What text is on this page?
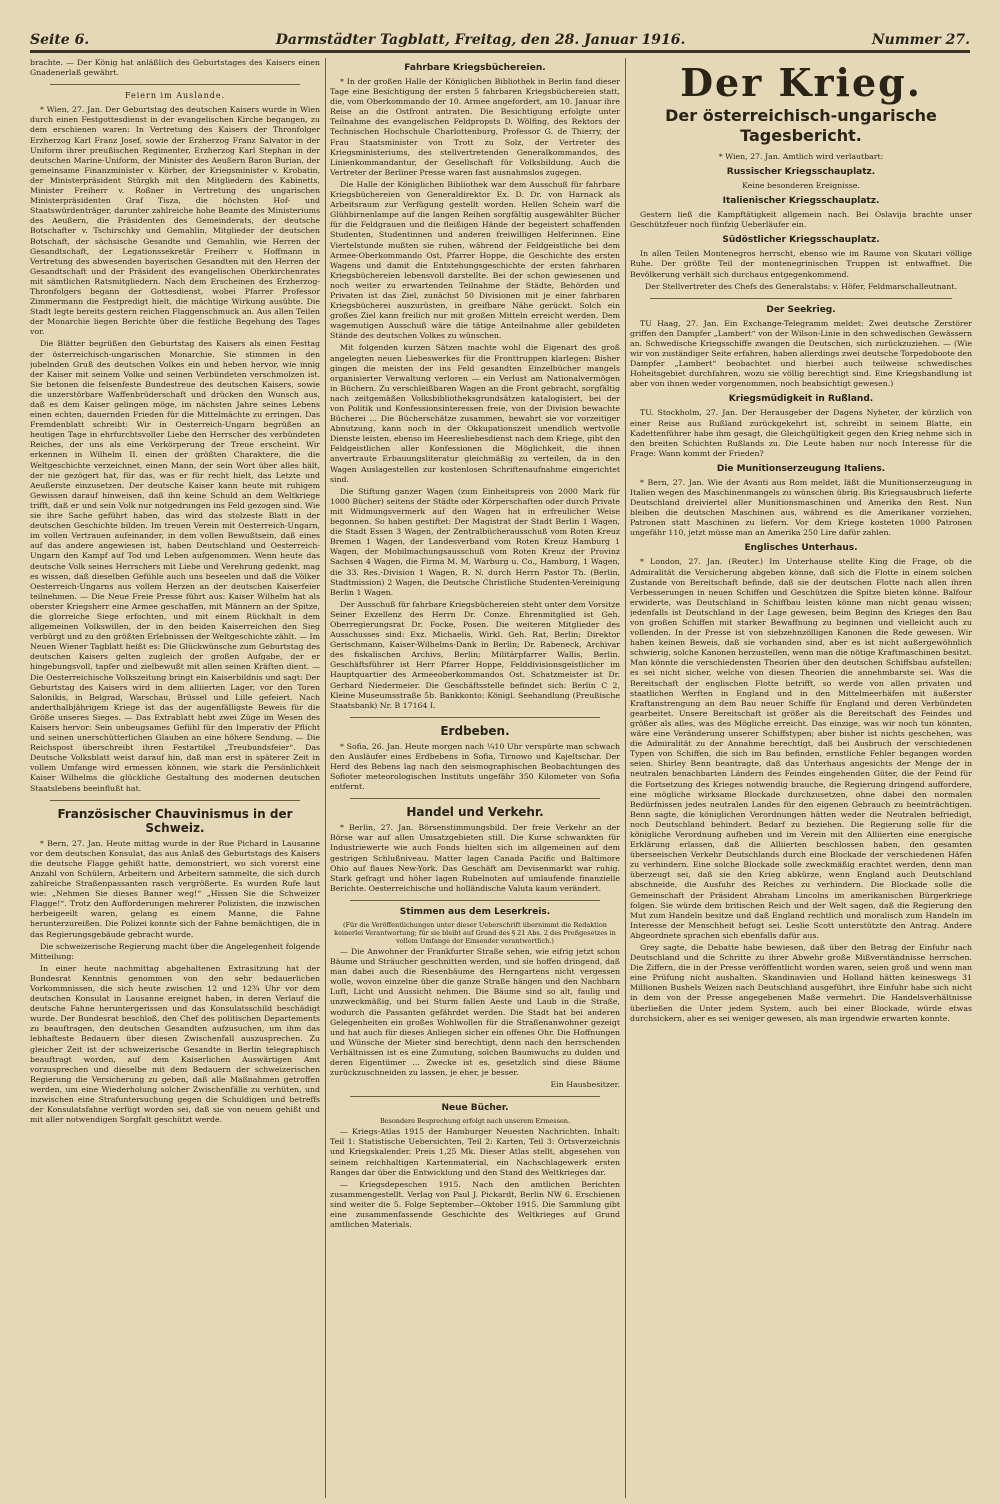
Seite 6.	Darmstädter Tagblatt, Freitag, den 28. Januar 1916.	Nummer 27.

brachte. — Der König hat anläßlich des Geburtstages des Kaisers einen Gnadenerlaß gewährt.

Feiern im Auslande.

* Wien, 27. Jan. Der Geburtstag des deutschen Kaisers wurde in Wien durch einen Festgottesdienst in der evangelischen Kirche begangen, zu dem erschienen waren: In Vertretung des Kaisers der Thronfolger Erzherzog Karl Franz Josef, sowie der Erzherzog Franz Salvator in der Uniform ihrer preußischen Regimenter, Erzherzog Karl Stephan in der deutschen Marine-Uniform, der Minister des Aeußern Baron Burian, der gemeinsame Finanzminister v. Körber, der Kriegsminister v. Krobatin, der Ministerpräsident Stürgkh mit den Mitgliedern des Kabinetts, Minister Freiherr v. Roßner in Vertretung des ungarischen Ministerpräsidenten Graf Tisza, die höchsten Hof- und Staatswürdenträger, darunter zahlreiche hohe Beamte des Ministeriums des Aeußern, die Präsidenten des Gemeinderats, der deutsche Botschafter v. Tschirschky und Gemahlin, Mitglieder der deutschen Botschaft, der sächsische Gesandte und Gemahlin, wie Herren der Gesandtschaft, der Legationssekretär Freiherr v. Hoffmann in Vertretung des abwesenden bayerischen Gesandten mit den Herren der Gesandtschaft und der Präsident des evangelischen Oberkirchenrates mit sämtlichen Ratsmitgliedern. Nach dem Erscheinen des Erzherzog-Thronfolgers begann der Gottesdienst, wobei Pfarrer Professor Zimmermann die Festpredigt hielt, die mächtige Wirkung ausübte. Die Stadt legte bereits gestern reichen Flaggenschmuck an. Aus allen Teilen der Monarchie liegen Berichte über die festliche Begehung des Tages vor.

Die Blätter begrüßen den Geburtstag des Kaisers als einen Festtag der österreichisch-ungarischen Monarchie. Sie stimmen in den jubelnden Gruß des deutschen Volkes ein und heben hervor, wie innig der Kaiser mit seinem Volke und seinen Verbündeten verschmolzen ist. Sie betonen die felsenfeste Bundestreue des deutschen Kaisers, sowie die unzerstörbare Waffenbrüderschaft und drücken den Wunsch aus, daß es dem Kaiser gelingen möge, im nächsten Jahre seines Lebens einen echten, dauernden Frieden für die Mittelmächte zu erringen. Das Fremdenblatt schreibt: Wir in Oesterreich-Ungarn begrüßen an heutigen Tage in ehrfurchtsvoller Liebe den Herrscher des verbündeten Reiches, der uns als eine Verkörperung der Treue erscheint. Wir erkennen in Wilhelm II. einen der größten Charaktere, die die Weltgeschichte verzeichnet, einen Mann, der sein Wort über alles hält, der nie gezögert hat, für das, was er für recht hielt, das Letzte und Aeußerste einzusetzen. Der deutsche Kaiser kann heute mit ruhigem Gewissen darauf hinweisen, daß ihn keine Schuld an dem Weltkriege trifft, daß er und sein Volk nur notgedrungen ins Feld gezogen sind. Wie sie ihre Sache geführt haben, das wird das stolzeste Blatt in der deutschen Geschichte bilden. Im treuen Verein mit Oesterreich-Ungarn, im vollen Vertrauen aufeinander, in dem vollen Bewußtsein, daß eines auf das andere angewiesen ist, haben Deutschland und Oesterreich-Ungarn den Kampf auf Tod und Leben aufgenommen. Wenn heute das deutsche Volk seines Herrschers mit Liebe und Verehrung gedenkt, mag es wissen, daß dieselben Gefühle auch uns beseelen und daß die Völker Oesterreich-Ungarns aus vollem Herzen an der deutschen Kaiserfeier teilnehmen. — Die Neue Freie Presse führt aus: Kaiser Wilhelm hat als oberster Kriegsherr eine Armee geschaffen, mit Männern an der Spitze, die glorreiche Siege erfochten, und mit einem Rückhalt in dem allgemeinen Volkswillen, der in den beiden Kaiserreichen den Sieg verbürgt und zu den größten Erlebnissen der Weltgeschichte zählt. — Im Neuen Wiener Tagblatt heißt es: Die Glückwünsche zum Geburtstag des deutschen Kaisers gelten zugleich der großen Aufgabe, der er hingebungsvoll, tapfer und zielbewußt mit allen seinen Kräften dient. — Die Oesterreichische Volkszeitung bringt ein Kaiserbildnis und sagt: Der Geburtstag des Kaisers wird in dem alliierten Lager, vor den Toren Salonikis, in Belgrad, Warschau, Brüssel und Lille gefeiert. Nach anderthalbjährigem Kriege ist das der augenfälligste Beweis für die Größe unseres Sieges. — Das Extrablatt hebt zwei Züge im Wesen des Kaisers hervor: Sein unbeugsames Gefühl für den Imperativ der Pflicht und seinen unerschütterlichen Glauben an eine höhere Sendung. — Die Reichspost überschreibt ihren Festartikel „Treubundsfeier“. Das Deutsche Volksblatt weist darauf hin, daß man erst in späterer Zeit in vollem Umfange wird ermessen können, wie stark die Persönlichkeit Kaiser Wilhelms die glückliche Gestaltung des modernen deutschen Staatslebens beeinflußt hat.

Französischer Chauvinismus in der Schweiz.

* Bern, 27. Jan. Heute mittag wurde in der Rue Pichard in Lausanne vor dem deutschen Konsulat, das aus Anlaß des Geburtstags des Kaisers die deutsche Flagge gehißt hatte, demonstriert, wo sich vorerst eine Anzahl von Schülern, Arbeitern und Arbeitern sammelte, die sich durch zahlreiche Straßenpassanten rasch vergrößerte. Es wurden Rufe laut wie: „Nehmen Sie dieses Banner weg!“ „Hissen Sie die Schweizer Flagge!“. Trotz den Aufforderungen mehrerer Polizisten, die inzwischen herbeigeeilt waren, gelang es einem Manne, die Fahne herunterzureißen. Die Polizei konnte sich der Fahne bemächtigen, die in das Regierungsgebäude gebracht wurde.

Die schweizerische Regierung macht über die Angelegenheit folgende Mitteilung:

In einer heute nachmittag abgehaltenen Extrasitzung hat der Bundesrat Kenntnis genommen von den sehr bedauerlichen Vorkommnissen, die sich heute zwischen 12 und 12¾ Uhr vor dem deutschen Konsulat in Lausanne ereignet haben, in deren Verlauf die deutsche Fahne heruntergerissen und das Konsulatsschild beschädigt wurde. Der Bundesrat beschloß, den Chef des politischen Departements zu beauftragen, den deutschen Gesandten aufzusuchen, um ihm das lebhafteste Bedauern über diesen Zwischenfall auszusprechen. Zu gleicher Zeit ist der schweizerische Gesandte in Berlin telegraphisch beauftragt worden, auf dem Kaiserlichen Auswärtigen Amt vorzusprechen und dieselbe mit dem Bedauern der schweizerischen Regierung die Versicherung zu geben, daß alle Maßnahmen getroffen werden, um eine Wiederholung solcher Zwischenfälle zu verhüten, und inzwischen eine Strafuntersuchung gegen die Schuldigen und betreffs der Konsulatsfahne verfügt worden sei, daß sie von neuem gehißt und mit aller notwendigen Sorgfalt geschützt werde.

Fahrbare Kriegsbüchereien.

* In der großen Halle der Königlichen Bibliothek in Berlin fand dieser Tage eine Besichtigung der ersten 5 fahrbaren Kriegsbüchereien statt, die, vom Oberkommando der 10. Armee angefordert, am 10. Januar ihre Reise an die Ostfront antraten. Die Besichtigung erfolgte unter Teilnahme des evangelischen Feldpropsts D. Wölfing, des Rektors der Technischen Hochschule Charlottenburg, Professor G. de Thierry, der Frau Staatsminister von Trott zu Solz, der Vertreter des Kriegsministeriums, des stellvertretenden Generalkommandos, des Linienkommandantur, der Gesellschaft für Volksbildung. Auch die Vertreter der Berliner Presse waren fast ausnahmslos zugegen.

Die Halle der Königlichen Bibliothek war dem Ausschuß für fahrbare Kriegsbüchereien von Generaldirektor Ex. D. Dr. von Harnack als Arbeitsraum zur Verfügung gestellt worden. Hellen Schein warf die Glühbirnenlampe auf die langen Reihen sorgfältig ausgewählter Bücher für die Feldgrauen und die fleißigen Hände der begeistert schaffenden Studenten, Studentinnen und anderen freiwilligen Helferinnen. Eine Viertelstunde mußten sie ruhen, während der Feldgeistliche bei dem Armee-Oberkommando Ost, Pfarrer Hoppe, die Geschichte des ersten Wagens und damit die Entstehungsgeschichte der ersten fahrbaren Kriegsbüchereien lebensvoll darstellte. Bei der schon gewiesenen und noch weiter zu erwartenden Teilnahme der Städte, Behörden und Privaten ist das Ziel, zunächst 50 Divisionen mit je einer fahrbaren Kriegsbücherei auszurüsten, in greifbare Nähe gerückt. Solch ein großes Ziel kann freilich nur mit großen Mitteln erreicht werden. Dem wagemutigen Ausschuß wäre die tätige Anteilnahme aller gebildeten Stände des deutschen Volkes zu wünschen.

Mit folgenden kurzen Sätzen machte wohl die Eigenart des groß angelegten neuen Liebeswerkes für die Fronttruppen klarlegen: Bisher gingen die meisten der ins Feld gesandten Einzelbücher mangels organisierter Verwaltung verloren — ein Verlust am Nationalvermögen in Büchern. Zu verschleißbaren Wagen an die Front gebracht, sorgfältig nach zeitgemäßen Volksbibliotheksgrundsätzen katalogisiert, bei der von Politik und Konfessionsinteressen freie, von der Division bewachte Bücherei ... Die Bücherschätze zusammen, bewahrt sie vor vorzeitiger Abnutzung, kann noch in der Okkupationszeit unendlich wertvolle Dienste leisten, ebenso im Heeresliebesdienst nach dem Kriege, gibt den Feldgeistlichen aller Konfessionen die Möglichkeit, die ihnen anvertraute Erbauungsliteratur gleichmäßig zu verteilen, da in den Wagen Auslagestellen zur kostenlosen Schriftenaufnahme eingerichtet sind.

Die Stiftung ganzer Wagen (zum Einheitspreis von 2000 Mark für 1000 Bücher) seitens der Städte oder Körperschaften oder durch Private mit Widmungsvermerk auf den Wagen hat in erfreulicher Weise begonnen. So haben gestiftet: Der Magistrat der Stadt Berlin 1 Wagen, die Stadt Essen 3 Wagen, der Zentralbücherausschuß vom Roten Kreuz Bremen 1 Wagen, der Landesverband vom Roten Kreuz Hamburg 1 Wagen, der Mobilmachungsausschuß vom Roten Kreuz der Provinz Sachsen 4 Wagen, die Firma M. M. Warburg u. Co., Hamburg, 1 Wagen, die 33. Res.-Division 1 Wagen, R. N. durch Herrn Pastor Th. (Berlin, Stadtmission) 2 Wagen, die Deutsche Christliche Studenten-Vereinigung Berlin 1 Wagen.

Der Ausschuß für fahrbare Kriegsbüchereien steht unter dem Vorsitze Seiner Exzellenz des Herrn Dr. Conze. Ehrenmitglied ist Geh. Oberregierungsrat Dr. Focke, Posen. Die weiteren Mitglieder des Ausschusses sind: Exz. Michaelis, Wirkl. Geh. Rat, Berlin; Direktor Gerischmann, Kaiser-Wilhelms-Dank in Berlin; Dr. Rabeneck, Archivar des fiskalischen Archivs, Berlin; Militärpfarrer Wallis, Berlin. Geschäftsführer ist Herr Pfarrer Hoppe, Felddivisionsgeistlicher im Hauptquartier des Armeeoberkommandos Ost. Schatzmeister ist Dr. Gerhard Niedermeier. Die Geschäftsstelle befindet sich: Berlin C 2, Kleine Museumsstraße 5b. Bankkonto: Königl. Seehandlung (Preußische Staatsbank) Nr. B 17164 I.

Erdbeben.

* Sofia, 26. Jan. Heute morgen nach ¼10 Uhr verspürte man schwach den Ausläufer eines Erdbebens in Sofia, Tirnowo und Kajeltschar. Der Herd des Bebens lag nach den seismographischen Beobachtungen des Sofioter meteorologischen Instituts ungefähr 350 Kilometer von Sofia entfernt.

Handel und Verkehr.

* Berlin, 27. Jan. Börsenstimmungsbild. Der freie Verkehr an der Börse war auf allen Umsatzgebieten still. Die Kurse schwankten für Industriewerte wie auch Fonds hielten sich im allgemeinen auf dem gestrigen Schlußniveau. Matter lagen Canada Pacific und Baltimore Ohio auf flaues New-York. Das Geschäft am Devisenmarkt war ruhig. Stark gefragt und höher lagen Rubelnoten auf umlaufende finanzielle Berichte. Oesterreichische und holländische Valuta kaum verändert.

Stimmen aus dem Leserkreis.

(Für die Veröffentlichungen unter dieser Ueberschrift übernimmt die Redaktion keinerlei Verantwortung; für sie bleibt auf Grund des § 21 Abs. 2 des Preßgesetzes in vollem Umfange der Einsender verantwortlich.)

— Die Anwohner der Frankfurter Straße sehen, wie eifrig jetzt schon Bäume und Sträucher geschnitten werden, und sie hoffen dringend, daß man dabei auch die Riesenbäume des Herngartens nicht vergessen wolle, wovon einzelne über die ganze Straße hängen und den Nachbarn Luft, Licht und Aussicht nehmen. Die Bäume sind so alt, faulig und unzweckmäßig, und bei Sturm fallen Aeste und Laub in die Straße, wodurch die Passanten gefährdet werden. Die Stadt hat bei anderen Gelegenheiten ein großes Wohlwollen für die Straßenanwohner gezeigt und hat auch für dieses Anliegen sicher ein offenes Ohr. Die Hoffnungen und Wünsche der Mieter sind berechtigt, denn nach den herrschenden Verhältnissen ist es eine Zumutung, solchen Baumwuchs zu dulden und deren Eigentümer ... Zwecke ist es, gesetzlich sind diese Bäume zurückzuschneiden zu lassen, je eher, je besser.

Ein Hausbesitzer.

Neue Bücher.

Besondere Besprechung erfolgt nach unserem Ermessen.

— Kriegs-Atlas 1915 der Hamburger Neuesten Nachrichten. Inhalt: Teil 1: Statistische Uebersichten, Teil 2: Karten, Teil 3: Ortsverzeichnis und Kriegskalender. Preis 1,25 Mk. Dieser Atlas stellt, abgesehen von seinem reichhaltigen Kartenmaterial, ein Nachschlagewerk ersten Ranges dar über die Entwicklung und den Stand des Weltkrieges dar.

— Kriegsdepeschen 1915. Nach den amtlichen Berichten zusammengestellt. Verlag von Paul J. Pickardt, Berlin NW 6. Erschienen sind weiter die 5. Folge September—Oktober 1915. Die Sammlung gibt eine zusammenfassende Geschichte des Weltkrieges auf Grund amtlichen Materials.

Der Krieg.
Der österreichisch-ungarische Tagesbericht.

* Wien, 27. Jan. Amtlich wird verlautbart:

Russischer Kriegsschauplatz.

Keine besonderen Ereignisse.

Italienischer Kriegsschauplatz.

Gestern ließ die Kampftätigkeit allgemein nach. Bei Oslavija brachte unser Geschützfeuer noch fünfzig Ueberläufer ein.

Südöstlicher Kriegsschauplatz.

In allen Teilen Montenegros herrscht, ebenso wie im Raume von Skutari völlige Ruhe. Der größte Teil der montenegrinischen Truppen ist entwaffnet. Die Bevölkerung verhält sich durchaus entgegenkommend.

Der Stellvertreter des Chefs des Generalstabs: v. Höfer, Feldmarschalleutnant.

Der Seekrieg.

TU Haag, 27. Jan. Ein Exchange-Telegramm meldet: Zwei deutsche Zerstörer griffen den Dampfer „Lambert“ von der Wilson-Linie in den schwedischen Gewässern an. Schwedische Kriegsschiffe zwangen die Deutschen, sich zurückzuziehen. — (Wie wir von zuständiger Seite erfahren, haben allerdings zwei deutsche Torpedoboote den Dampfer „Lambert“ beobachtet und hierbei auch teilweise schwedisches Hoheitsgebiet durchfahren, wozu sie völlig berechtigt sind. Eine Kriegshandlung ist aber von ihnen weder vorgenommen, noch beabsichtigt gewesen.)

Kriegsmüdigkeit in Rußland.

TU. Stockholm, 27. Jan. Der Herausgeber der Dagens Nyheter, der kürzlich von einer Reise aus Rußland zurückgekehrt ist, schreibt in seinem Blatte, ein Kadettenführer habe ihm gesagt, die Gleichgültigkeit gegen den Krieg nehme sich in den breiten Schichten Rußlands zu. Die Leute haben nur noch Interesse für die Frage: Wann kommt der Frieden?

Die Munitionserzeugung Italiens.

* Bern, 27. Jan. Wie der Avanti aus Rom meldet, läßt die Munitionserzeugung in Italien wegen des Maschinenmangels zu wünschen übrig. Bis Kriegsausbruch lieferte Deutschland dreiviertel aller Munitionsmaschinen und Amerika den Rest. Nun bleiben die deutschen Maschinen aus, während es die Amerikaner vorziehen, Patronen statt Maschinen zu liefern. Vor dem Kriege kosteten 1000 Patronen ungefähr 110, jetzt müsse man an Amerika 250 Lire dafür zahlen.

Englisches Unterhaus.

* London, 27. Jan. (Reuter.) Im Unterhause stellte King die Frage, ob die Admiralität die Versicherung abgeben könne, daß sich die Flotte in einem solchen Zustande von Bereitschaft befinde, daß sie der deutschen Flotte nach allen ihren Verbesserungen in neuen Schiffen und Geschützen die Spitze bieten könne. Balfour erwiderte, was Deutschland in Schiffbau leisten könne man nicht genau wissen; jedenfalls ist Deutschland in der Lage gewesen, beim Beginn des Krieges den Bau von großen Schiffen mit starker Bewaffnung zu beginnen und vielleicht auch zu vollenden. In der Presse ist von siebzehnzölligen Kanonen die Rede gewesen. Wir haben keinen Beweis, daß sie vorhanden sind, aber es ist nicht außergewöhnlich schwierig, solche Kanonen herzustellen, wenn man die nötige Kraftmaschinen besitzt. Man könnte die verschiedensten Theorien über den deutschen Schiffsbau aufstellen; es sei nicht sicher, welche von diesen Theorien die annehmbarste sei. Was die Bereitschaft der englischen Flotte betrifft, so werde von allen privaten und staatlichen Werften in England und in den Mittelmeerhäfen mit äußerster Kraftanstrengung an dem Bau neuer Schiffe für England und deren Verbündeten gearbeitet. Unsere Bereitschaft ist größer als die Bereitschaft des Feindes und größer als alles, was des Mögliche erreicht. Das einzige, was wir noch tun könnten, wäre eine Veränderung unserer Schiffstypen; aber bisher ist nichts geschehen, was die Admiralität zu der Annahme berechtigt, daß bei Ausbruch der verschiedenen Typen von Schiffen, die sich im Bau befinden, ernstliche Fehler begangen worden seien. Shirley Benn beantragte, daß das Unterhaus angesichts der Menge der in neutralen benachbarten Ländern des Feindes eingehenden Güter, die der Feind für die Fortsetzung des Krieges notwendig brauche, die Regierung dringend auffordere, eine mögliche wirksame Blockade durchzusetzen, ohne dabei den normalen Bedürfnissen jedes neutralen Landes für den eigenen Gebrauch zu beeinträchtigen. Benn sagte, die königlichen Verordnungen hätten weder die Neutralen befriedigt, noch Deutschland behindert. Bedarf zu beziehen. Die Regierung solle für die königliche Verordnung aufheben und im Verein mit den Alliierten eine energische Erklärung erlassen, daß die Alliierten beschlossen haben, den gesamten überseeischen Verkehr Deutschlands durch eine Blockade der verschiedenen Häfen zu verhindern. Eine solche Blockade solle zweckmäßig erachtet werden, denn man überzeugt sei, daß sie den Krieg abkürze, wenn England auch Deutschland abschneide, die Ausfuhr des Reiches zu verhindern. Die Blockade solle die Gemeinschaft der Präsident Abraham Lincolns im amerikanischen Bürgerkriege folgen. Sie würde dem britischen Reich und der Welt sagen, daß die Regierung den Mut zum Handeln besitze und daß England rechtlich und moralisch zum Handeln im Interesse der Menschheit befugt sei. Leslie Scott unterstützte den Antrag. Andere Abgeordnete sprachen sich ebenfalls dafür aus.

Grey sagte, die Debatte habe bewiesen, daß über den Betrag der Einfuhr nach Deutschland und die Schritte zu ihrer Abwehr große Mißverständnisse herrschen. Die Ziffern, die in der Presse veröffentlicht worden waren, seien groß und wenn man eine Prüfung nicht aushalten. Skandinavien und Holland hätten keineswegs 31 Millionen Bushels Weizen nach Deutschland ausgeführt, ihre Einfuhr habe sich nicht in dem von der Presse angegebenen Maße vermehrt. Die Handelsverhältnisse überließen die Unter jedem System, auch bei einer Blockade, würde etwas durchsickern, aber es sei weniger gewesen, als man irgendwie erwarten konnte.
